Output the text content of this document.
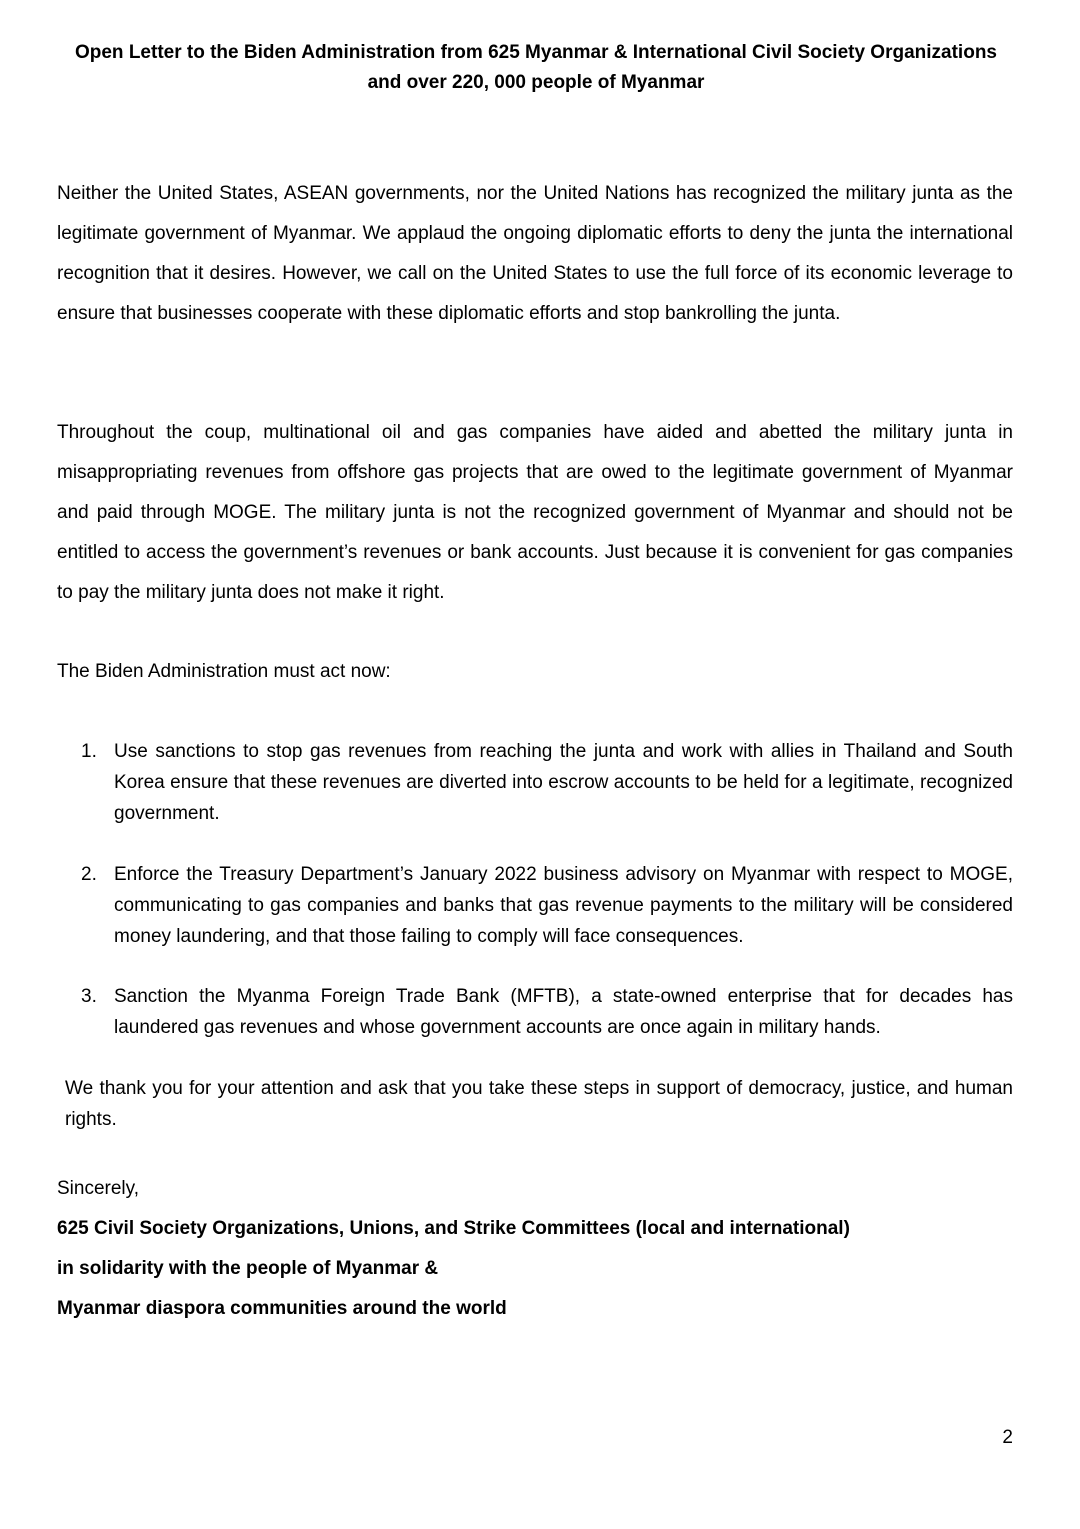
Open Letter to the Biden Administration from 625 Myanmar & International Civil Society Organizations
and over 220, 000 people of Myanmar

Neither the United States, ASEAN governments, nor the United Nations has recognized the military junta as the legitimate government of Myanmar. We applaud the ongoing diplomatic efforts to deny the junta the international recognition that it desires. However, we call on the United States to use the full force of its economic leverage to ensure that businesses cooperate with these diplomatic efforts and stop bankrolling the junta.

Throughout the coup, multinational oil and gas companies have aided and abetted the military junta in misappropriating revenues from offshore gas projects that are owed to the legitimate government of Myanmar and paid through MOGE. The military junta is not the recognized government of Myanmar and should not be entitled to access the government’s revenues or bank accounts. Just because it is convenient for gas companies to pay the military junta does not make it right.

The Biden Administration must act now:

1. Use sanctions to stop gas revenues from reaching the junta and work with allies in Thailand and South Korea ensure that these revenues are diverted into escrow accounts to be held for a legitimate, recognized government.
2. Enforce the Treasury Department’s January 2022 business advisory on Myanmar with respect to MOGE, communicating to gas companies and banks that gas revenue payments to the military will be considered money laundering, and that those failing to comply will face consequences.
3. Sanction the Myanma Foreign Trade Bank (MFTB), a state-owned enterprise that for decades has laundered gas revenues and whose government accounts are once again in military hands.

We thank you for your attention and ask that you take these steps in support of democracy, justice, and human rights.

Sincerely,
625 Civil Society Organizations, Unions, and Strike Committees (local and international)
in solidarity with the people of Myanmar &
Myanmar diaspora communities around the world
2
